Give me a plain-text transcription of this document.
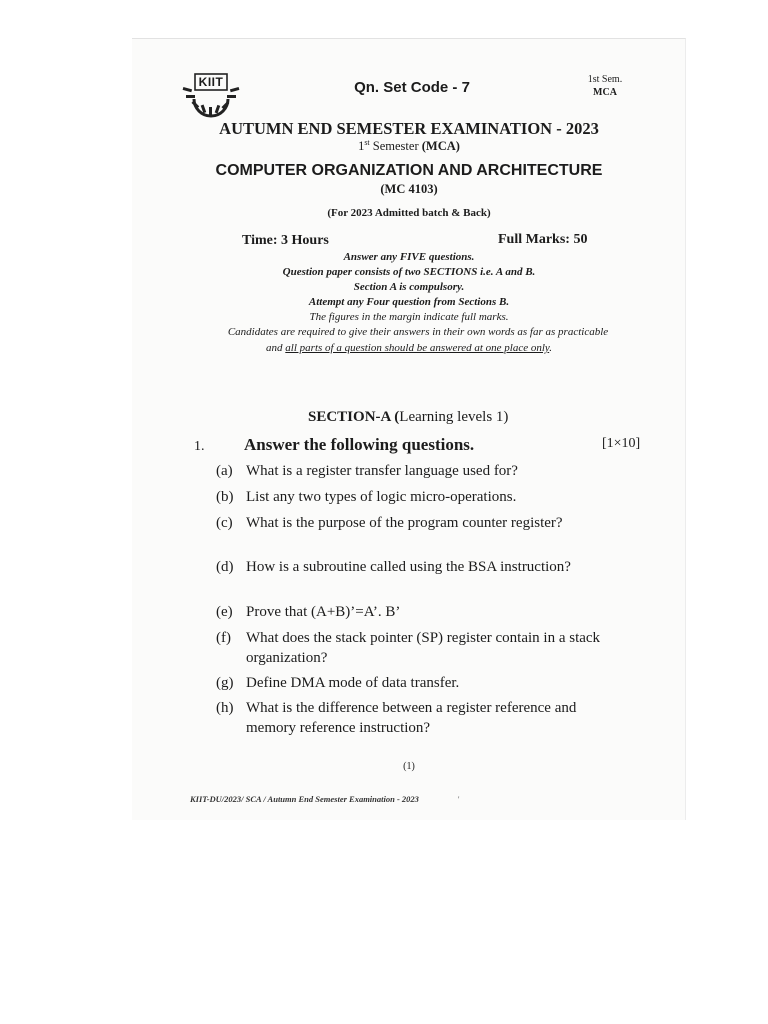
'
KIIT	Qn. Set Code - 7	1st Sem.
MCA
AUTUMN END SEMESTER EXAMINATION - 2023
1st Semester (MCA)
COMPUTER ORGANIZATION AND ARCHITECTURE
(MC 4103)
(For 2023 Admitted batch & Back)
Time: 3 Hours	Full Marks: 50
Answer any FIVE questions.
Question paper consists of two SECTIONS i.e. A and B.
Section A is compulsory.
Attempt any Four question from Sections B.
The figures in the margin indicate full marks.
Candidates are required to give their answers in their own words as far as practicable
and all parts of a question should be answered at one place only.
SECTION-A (Learning levels 1)
1. Answer the following questions.	[1×10]
(a) What is a register transfer language used for?
(b) List any two types of logic micro-operations.
(c) What is the purpose of the program counter register?
(d) How is a subroutine called using the BSA instruction?
(e) Prove that (A+B)’=A’. B’
(f)	What does the stack pointer (SP) register contain in a stack organization?
(g) Define DMA mode of data transfer.
(h) What is the difference between a register reference and memory reference instruction?
(1)
KIIT-DU/2023/ SCA / Autumn End Semester Examination - 2023	'
